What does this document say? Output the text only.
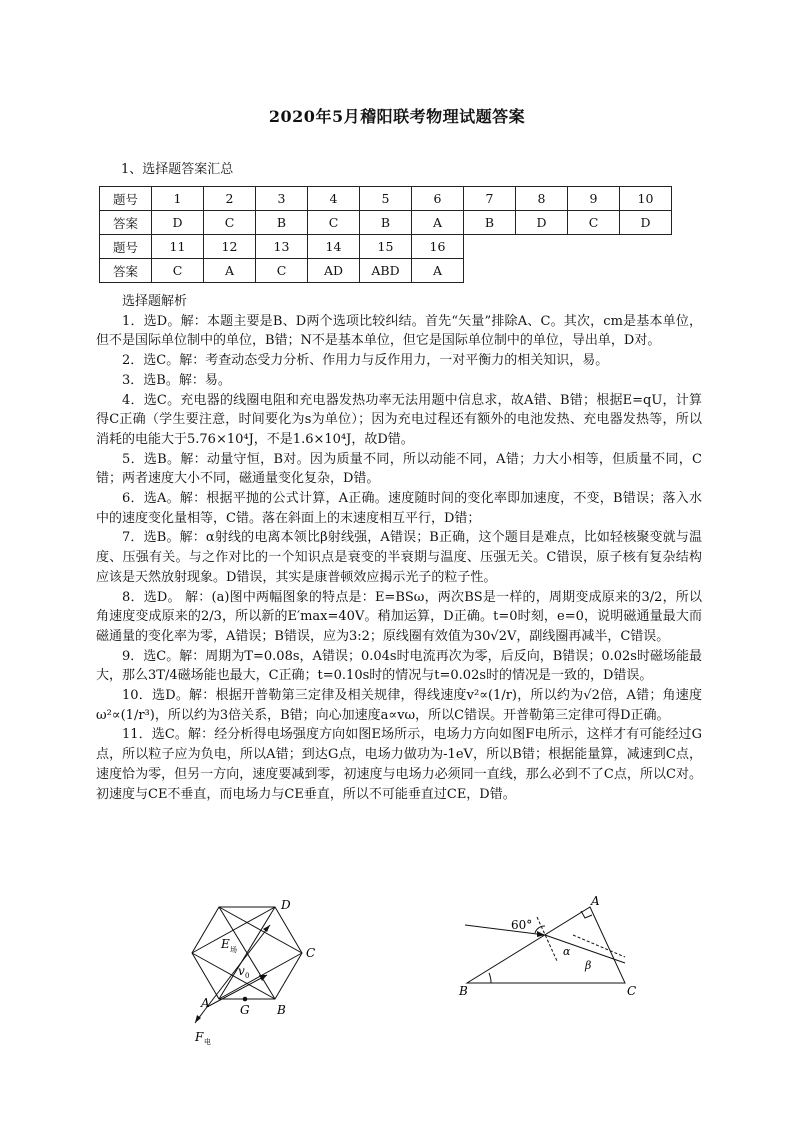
2020年5月稽阳联考物理试题答案
1、选择题答案汇总
题号	1	2	3	4	5	6	7	8	9	10
答案	D	C	B	C	B	A	B	D	C	D
题号	11	12	13	14	15	16				
答案	C	A	C	AD	ABD	A				

选择题解析

1．选D。解：本题主要是B、D两个选项比较纠结。首先“矢量”排除A、C。其次，cm是基本单位，但不是国际单位制中的单位，B错；N不是基本单位，但它是国际单位制中的单位，导出单，D对。

2．选C。解：考查动态受力分析、作用力与反作用力，一对平衡力的相关知识，易。

3．选B。解：易。

4．选C。充电器的线圈电阻和充电器发热功率无法用题中信息求，故A错、B错；根据E=qU，计算得C正确（学生要注意，时间要化为s为单位）；因为充电过程还有额外的电池发热、充电器发热等，所以消耗的电能大于5.76×10⁴J，不是1.6×10⁴J，故D错。

5．选B。解：动量守恒，B对。因为质量不同，所以动能不同，A错；力大小相等，但质量不同，C错；两者速度大小不同，磁通量变化复杂，D错。

6．选A。解：根据平抛的公式计算，A正确。速度随时间的变化率即加速度，不变，B错误；落入水中的速度变化量相等，C错。落在斜面上的末速度相互平行，D错；

7．选B。解：α射线的电离本领比β射线强，A错误；B正确，这个题目是难点，比如轻核聚变就与温度、压强有关。与之作对比的一个知识点是衰变的半衰期与温度、压强无关。C错误，原子核有复杂结构应该是天然放射现象。D错误，其实是康普顿效应揭示光子的粒子性。

8．选D。 解：(a)图中两幅图象的特点是：E=BSω，两次BS是一样的，周期变成原来的3/2，所以角速度变成原来的2/3，所以新的E′max=40V。稍加运算，D正确。t=0时刻，e=0，说明磁通量最大而磁通量的变化率为零，A错误；B错误，应为3:2；原线圈有效值为30√2V，副线圈再减半，C错误。

9．选C。解：周期为T=0.08s，A错误；0.04s时电流再次为零，后反向，B错误；0.02s时磁场能最大，那么3T/4磁场能也最大，C正确；t=0.10s时的情况与t=0.02s时的情况是一致的，D错误。

10．选D。解：根据开普勒第三定律及相关规律，得线速度v²∝(1/r)，所以约为√2倍，A错；角速度ω²∝(1/r³)，所以约为3倍关系，B错；向心加速度a∝vω，所以C错误。开普勒第三定律可得D正确。

11．选C。解：经分析得电场强度方向如图E场所示，电场力方向如图F电所示，这样才有可能经过G点，所以粒子应为负电，所以A错；到达G点，电场力做功为-1eV，所以B错；根据能量算，减速到C点，速度恰为零，但另一方向，速度要减到零，初速度与电场力必须同一直线，那么必到不了C点，所以C对。初速度与CE不垂直，而电场力与CE垂直，所以不可能垂直过CE，D错。

D
C
B
A	G
E 场
v 0
F 电
A
B	C
60°
α
β
